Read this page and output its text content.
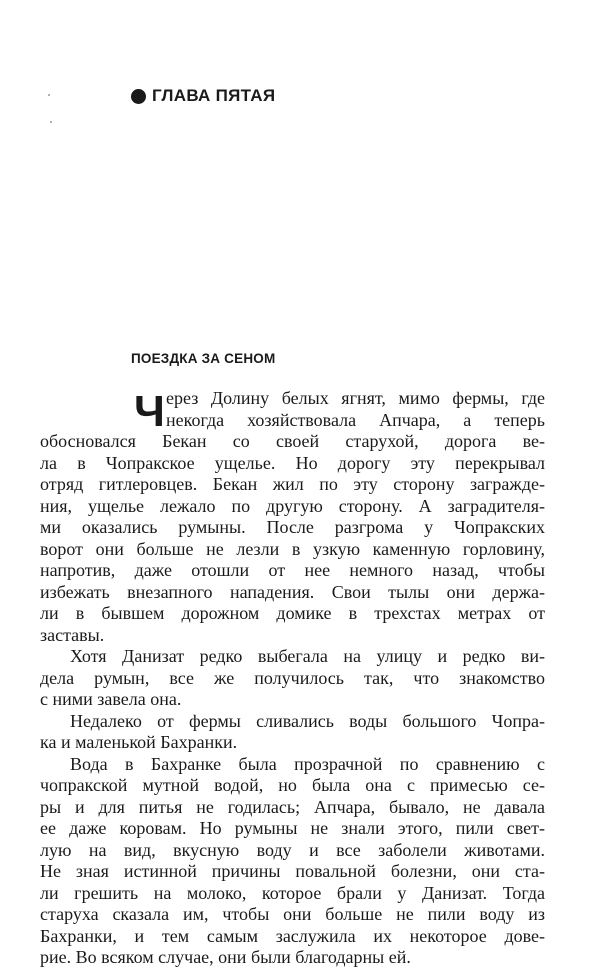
ГЛАВА ПЯТАЯ
ПОЕЗДКА ЗА СЕНОМ
Ч ерез Долину белых ягнят, мимо фермы, где
некогда хозяйствовала Апчара, а теперь
обосновался Бекан со своей старухой, дорога ве-
ла в Чопракское ущелье. Но дорогу эту перекрывал
отряд гитлеровцев. Бекан жил по эту сторону загражде-
ния, ущелье лежало по другую сторону. А заградителя-
ми оказались румыны. После разгрома у Чопракских
ворот они больше не лезли в узкую каменную горловину,
напротив, даже отошли от нее немного назад, чтобы
избежать внезапного нападения. Свои тылы они держа-
ли в бывшем дорожном домике в трехстах метрах от
заставы.
Хотя Данизат редко выбегала на улицу и редко ви-
дела румын, все же получилось так, что знакомство
с ними завела она.
Недалеко от фермы сливались воды большого Чопра-
ка и маленькой Бахранки.
Вода в Бахранке была прозрачной по сравнению с
чопракской мутной водой, но была она с примесью се-
ры и для питья не годилась; Апчара, бывало, не давала
ее даже коровам. Но румыны не знали этого, пили свет-
лую на вид, вкусную воду и все заболели животами.
Не зная истинной причины повальной болезни, они ста-
ли грешить на молоко, которое брали у Данизат. Тогда
старуха сказала им, чтобы они больше не пили воду из
Бахранки, и тем самым заслужила их некоторое дове-
рие. Во всяком случае, они были благодарны ей.
